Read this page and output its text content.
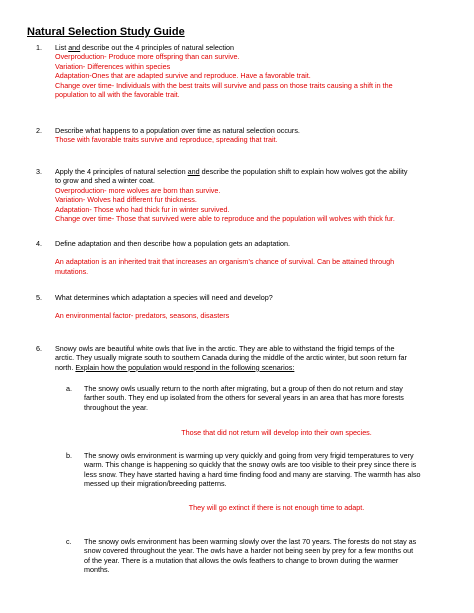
Natural Selection Study Guide
1. List and describe out the 4 principles of natural selection

Overproduction- Produce more offspring than can survive.

Variation- Differences within species

Adaptation-Ones that are adapted survive and reproduce. Have a favorable trait.

Change over time- Individuals with the best traits will survive and pass on those traits causing a shift in the

population to all with the favorable trait.

2. Describe what happens to a population over time as natural selection occurs.

Those with favorable traits survive and reproduce, spreading that trait.

3. Apply the 4 principles of natural selection and describe the population shift to explain how wolves got the ability

to grow and shed a winter coat.

Overproduction- more wolves are born than survive.

Variation- Wolves had different fur thickness.

Adaptation- Those who had thick fur in winter survived.

Change over time- Those that survived were able to reproduce and the population will wolves with thick fur.

4. Define adaptation and then describe how a population gets an adaptation.

An adaptation is an inherited trait that increases an organism’s chance of survival. Can be attained through

mutations.

5. What determines which adaptation a species will need and develop?

An environmental factor- predators, seasons, disasters

6. Snowy owls are beautiful white owls that live in the arctic. They are able to withstand the frigid temps of the

arctic. They usually migrate south to southern Canada during the middle of the arctic winter, but soon return far

north. Explain how the population would respond in the following scenarios:

a. The snowy owls usually return to the north after migrating, but a group of then do not return and stay

farther south. They end up isolated from the others for several years in an area that has more forests

throughout the year.

Those that did not return will develop into their own species.
b. The snowy owls environment is warming up very quickly and going from very frigid temperatures to very

warm. This change is happening so quickly that the snowy owls are too visible to their prey since there is

less snow. They have started having a hard time finding food and many are starving. The warmth has also

messed up their migration/breeding patterns.

They will go extinct if there is not enough time to adapt.
c. The snowy owls environment has been warming slowly over the last 70 years. The forests do not stay as

snow covered throughout the year. The owls have a harder not being seen by prey for a few months out

of the year. There is a mutation that allows the owls feathers to change to brown during the warmer

months.
